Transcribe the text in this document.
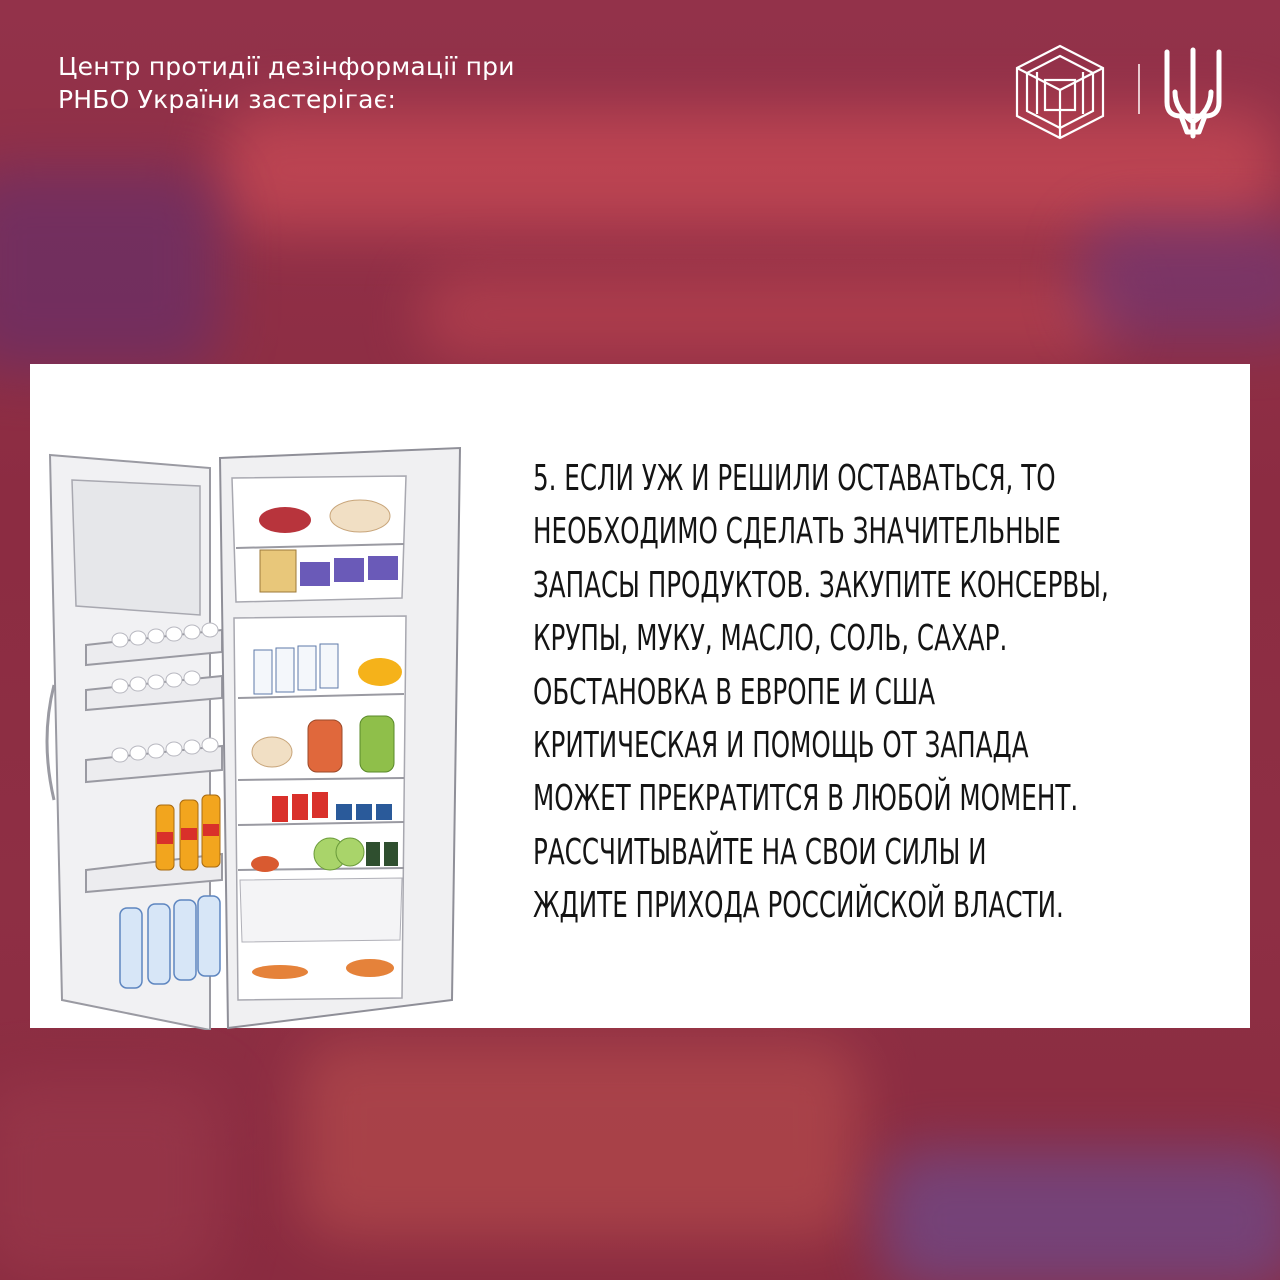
Центр протидії дезінформації при
РНБО України застерігає:
5. ЕСЛИ УЖ И РЕШИЛИ ОСТАВАТЬСЯ, ТО
НЕОБХОДИМО СДЕЛАТЬ ЗНАЧИТЕЛЬНЫЕ
ЗАПАСЫ ПРОДУКТОВ. ЗАКУПИТЕ КОНСЕРВЫ,
КРУПЫ, МУКУ, МАСЛО, СОЛЬ, САХАР.
ОБСТАНОВКА В ЕВРОПЕ И США
КРИТИЧЕСКАЯ И ПОМОЩЬ ОТ ЗАПАДА
МОЖЕТ ПРЕКРАТИТСЯ В ЛЮБОЙ МОМЕНТ.
РАССЧИТЫВАЙТЕ НА СВОИ СИЛЫ И
ЖДИТЕ ПРИХОДА РОССИЙСКОЙ ВЛАСТИ.
